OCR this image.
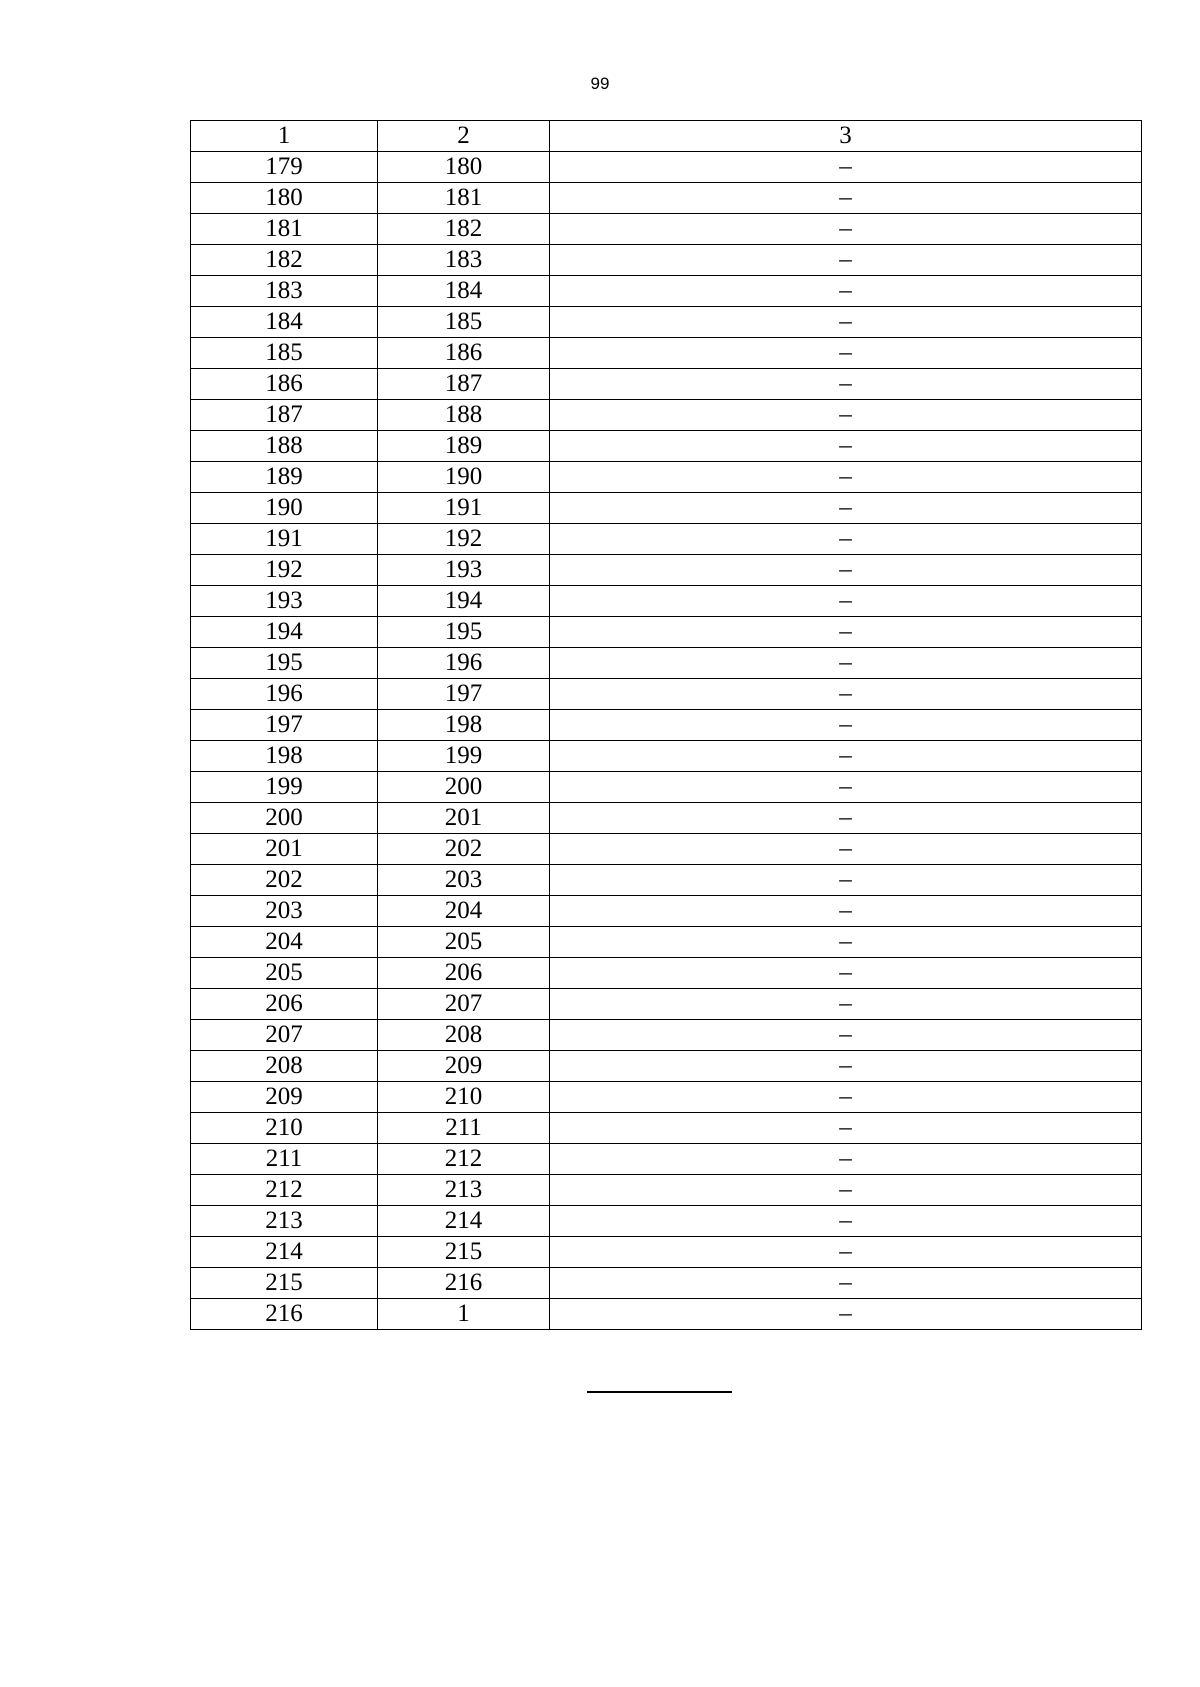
99
1	2	3
179	180	–
180	181	–
181	182	–
182	183	–
183	184	–
184	185	–
185	186	–
186	187	–
187	188	–
188	189	–
189	190	–
190	191	–
191	192	–
192	193	–
193	194	–
194	195	–
195	196	–
196	197	–
197	198	–
198	199	–
199	200	–
200	201	–
201	202	–
202	203	–
203	204	–
204	205	–
205	206	–
206	207	–
207	208	–
208	209	–
209	210	–
210	211	–
211	212	–
212	213	–
213	214	–
214	215	–
215	216	–
216	1	–
